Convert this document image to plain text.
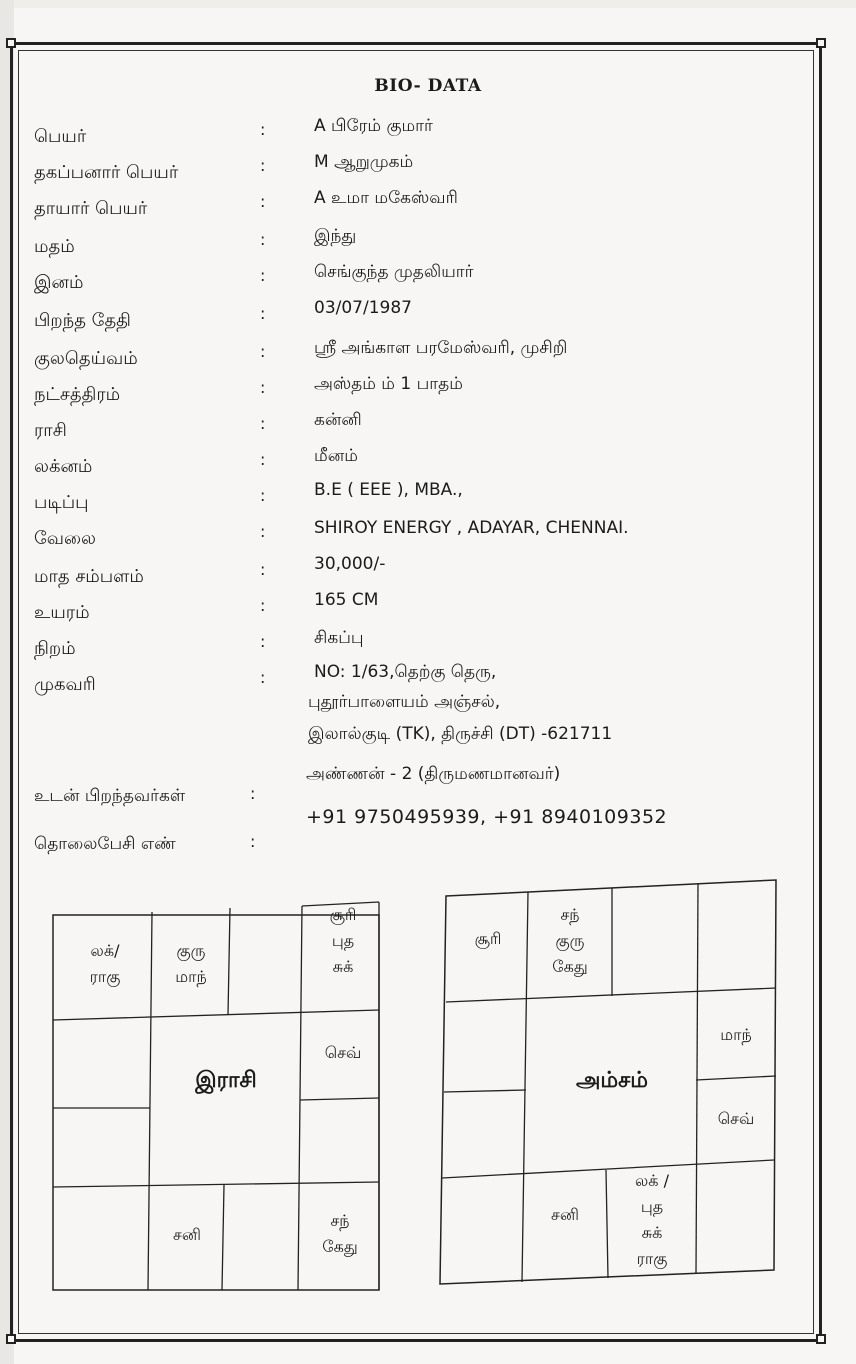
BIO- DATA
பெயர்	:	A பிரேம் குமார்
தகப்பனார் பெயர்	:	M ஆறுமுகம்
தாயார் பெயர்	:	A உமா மகேஸ்வரி
மதம்	:	இந்து
இனம்	:	செங்குந்த முதலியார்
பிறந்த தேதி	:	03/07/1987
குலதெய்வம்	:	ஸ்ரீ அங்காள பரமேஸ்வரி, முசிறி
நட்சத்திரம்	:	அஸ்தம் ம் 1 பாதம்
ராசி	:	கன்னி
லக்னம்	:	மீனம்
படிப்பு	:	B.E ( EEE ), MBA.,
வேலை	:	SHIROY ENERGY , ADAYAR, CHENNAI.
மாத சம்பளம்	:	30,000/-
உயரம்	:	165 CM
நிறம்	:	சிகப்பு
முகவரி	:	NO: 1/63,தெற்கு தெரு,
புதூர்பாளையம் அஞ்சல்,
இலால்குடி (TK), திருச்சி (DT) -621711
உடன் பிறந்தவர்கள்	:
அண்ணன் - 2 (திருமணமானவர்)
தொலைபேசி எண்	:
+91 9750495939, +91 8940109352
லக்/
ராகு
குரு
மாந்
சூரி
புத
சுக்
செவ்
சந்
கேது
சனி
இராசி
சூரி
சந்
குரு
கேது
மாந்
செவ்
லக் /
புத
சுக்
ராகு
சனி
அம்சம்
